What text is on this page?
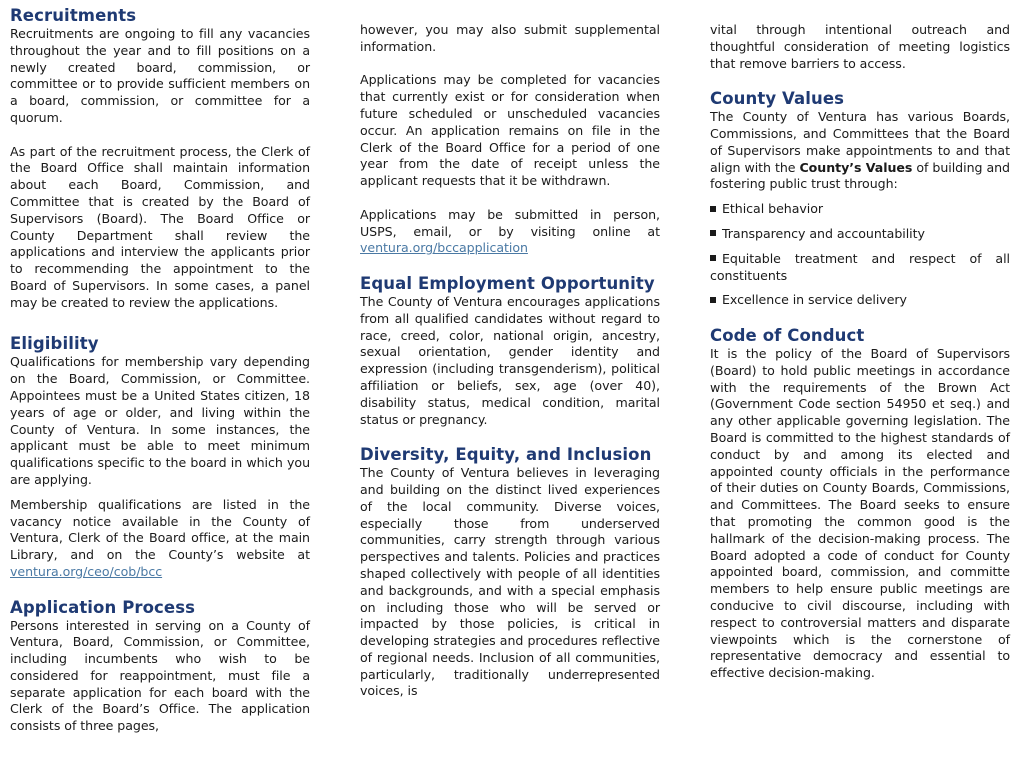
Recruitments

Recruitments are ongoing to fill any vacancies throughout the year and to fill positions on a newly created board, commission, or committee or to provide sufficient members on a board, commission, or committee for a quorum.

As part of the recruitment process, the Clerk of the Board Office shall maintain information about each Board, Commission, and Committee that is created by the Board of Supervisors (Board). The Board Office or County Department shall review the applications and interview the applicants prior to recommending the appointment to the Board of Supervisors. In some cases, a panel may be created to review the applications.

Eligibility

Qualifications for membership vary depending on the Board, Commission, or Committee. Appointees must be a United States citizen, 18 years of age or older, and living within the County of Ventura. In some instances, the applicant must be able to meet minimum qualifications specific to the board in which you are applying.

Membership qualifications are listed in the vacancy notice available in the County of Ventura, Clerk of the Board office, at the main Library, and on the County’s website at ventura.org/ceo/cob/bcc

Application Process

Persons interested in serving on a County of Ventura, Board, Commission, or Committee, including incumbents who wish to be considered for reappointment, must file a separate application for each board with the Clerk of the Board’s Office. The application consists of three pages,

however, you may also submit supplemental information.

Applications may be completed for vacancies that currently exist or for consideration when future scheduled or unscheduled vacancies occur. An application remains on file in the Clerk of the Board Office for a period of one year from the date of receipt unless the applicant requests that it be withdrawn.

Applications may be submitted in person, USPS, email, or by visiting online at ventura.org/bccapplication

Equal Employment Opportunity

The County of Ventura encourages applications from all qualified candidates without regard to race, creed, color, national origin, ancestry, sexual orientation, gender identity and expression (including transgenderism), political affiliation or beliefs, sex, age (over 40), disability status, medical condition, marital status or pregnancy.

Diversity, Equity, and Inclusion

The County of Ventura believes in leveraging and building on the distinct lived experiences of the local community. Diverse voices, especially those from underserved communities, carry strength through various perspectives and talents. Policies and practices shaped collectively with people of all identities and backgrounds, and with a special emphasis on including those who will be served or impacted by those policies, is critical in developing strategies and procedures reflective of regional needs. Inclusion of all communities, particularly, traditionally underrepresented voices, is

vital through intentional outreach and thoughtful consideration of meeting logistics that remove barriers to access.

County Values

The County of Ventura has various Boards, Commissions, and Committees that the Board of Supervisors make appointments to and that align with the County’s Values of building and fostering public trust through:

Ethical behavior

Transparency and accountability

Equitable treatment and respect of all constituents

Excellence in service delivery

Code of Conduct

It is the policy of the Board of Supervisors (Board) to hold public meetings in accordance with the requirements of the Brown Act (Government Code section 54950 et seq.) and any other applicable governing legislation. The Board is committed to the highest standards of conduct by and among its elected and appointed county officials in the performance of their duties on County Boards, Commissions, and Committees. The Board seeks to ensure that promoting the common good is the hallmark of the decision-making process. The Board adopted a code of conduct for County appointed board, commission, and committe members to help ensure public meetings are conducive to civil discourse, including with respect to controversial matters and disparate viewpoints which is the cornerstone of representative democracy and essential to effective decision-making.
